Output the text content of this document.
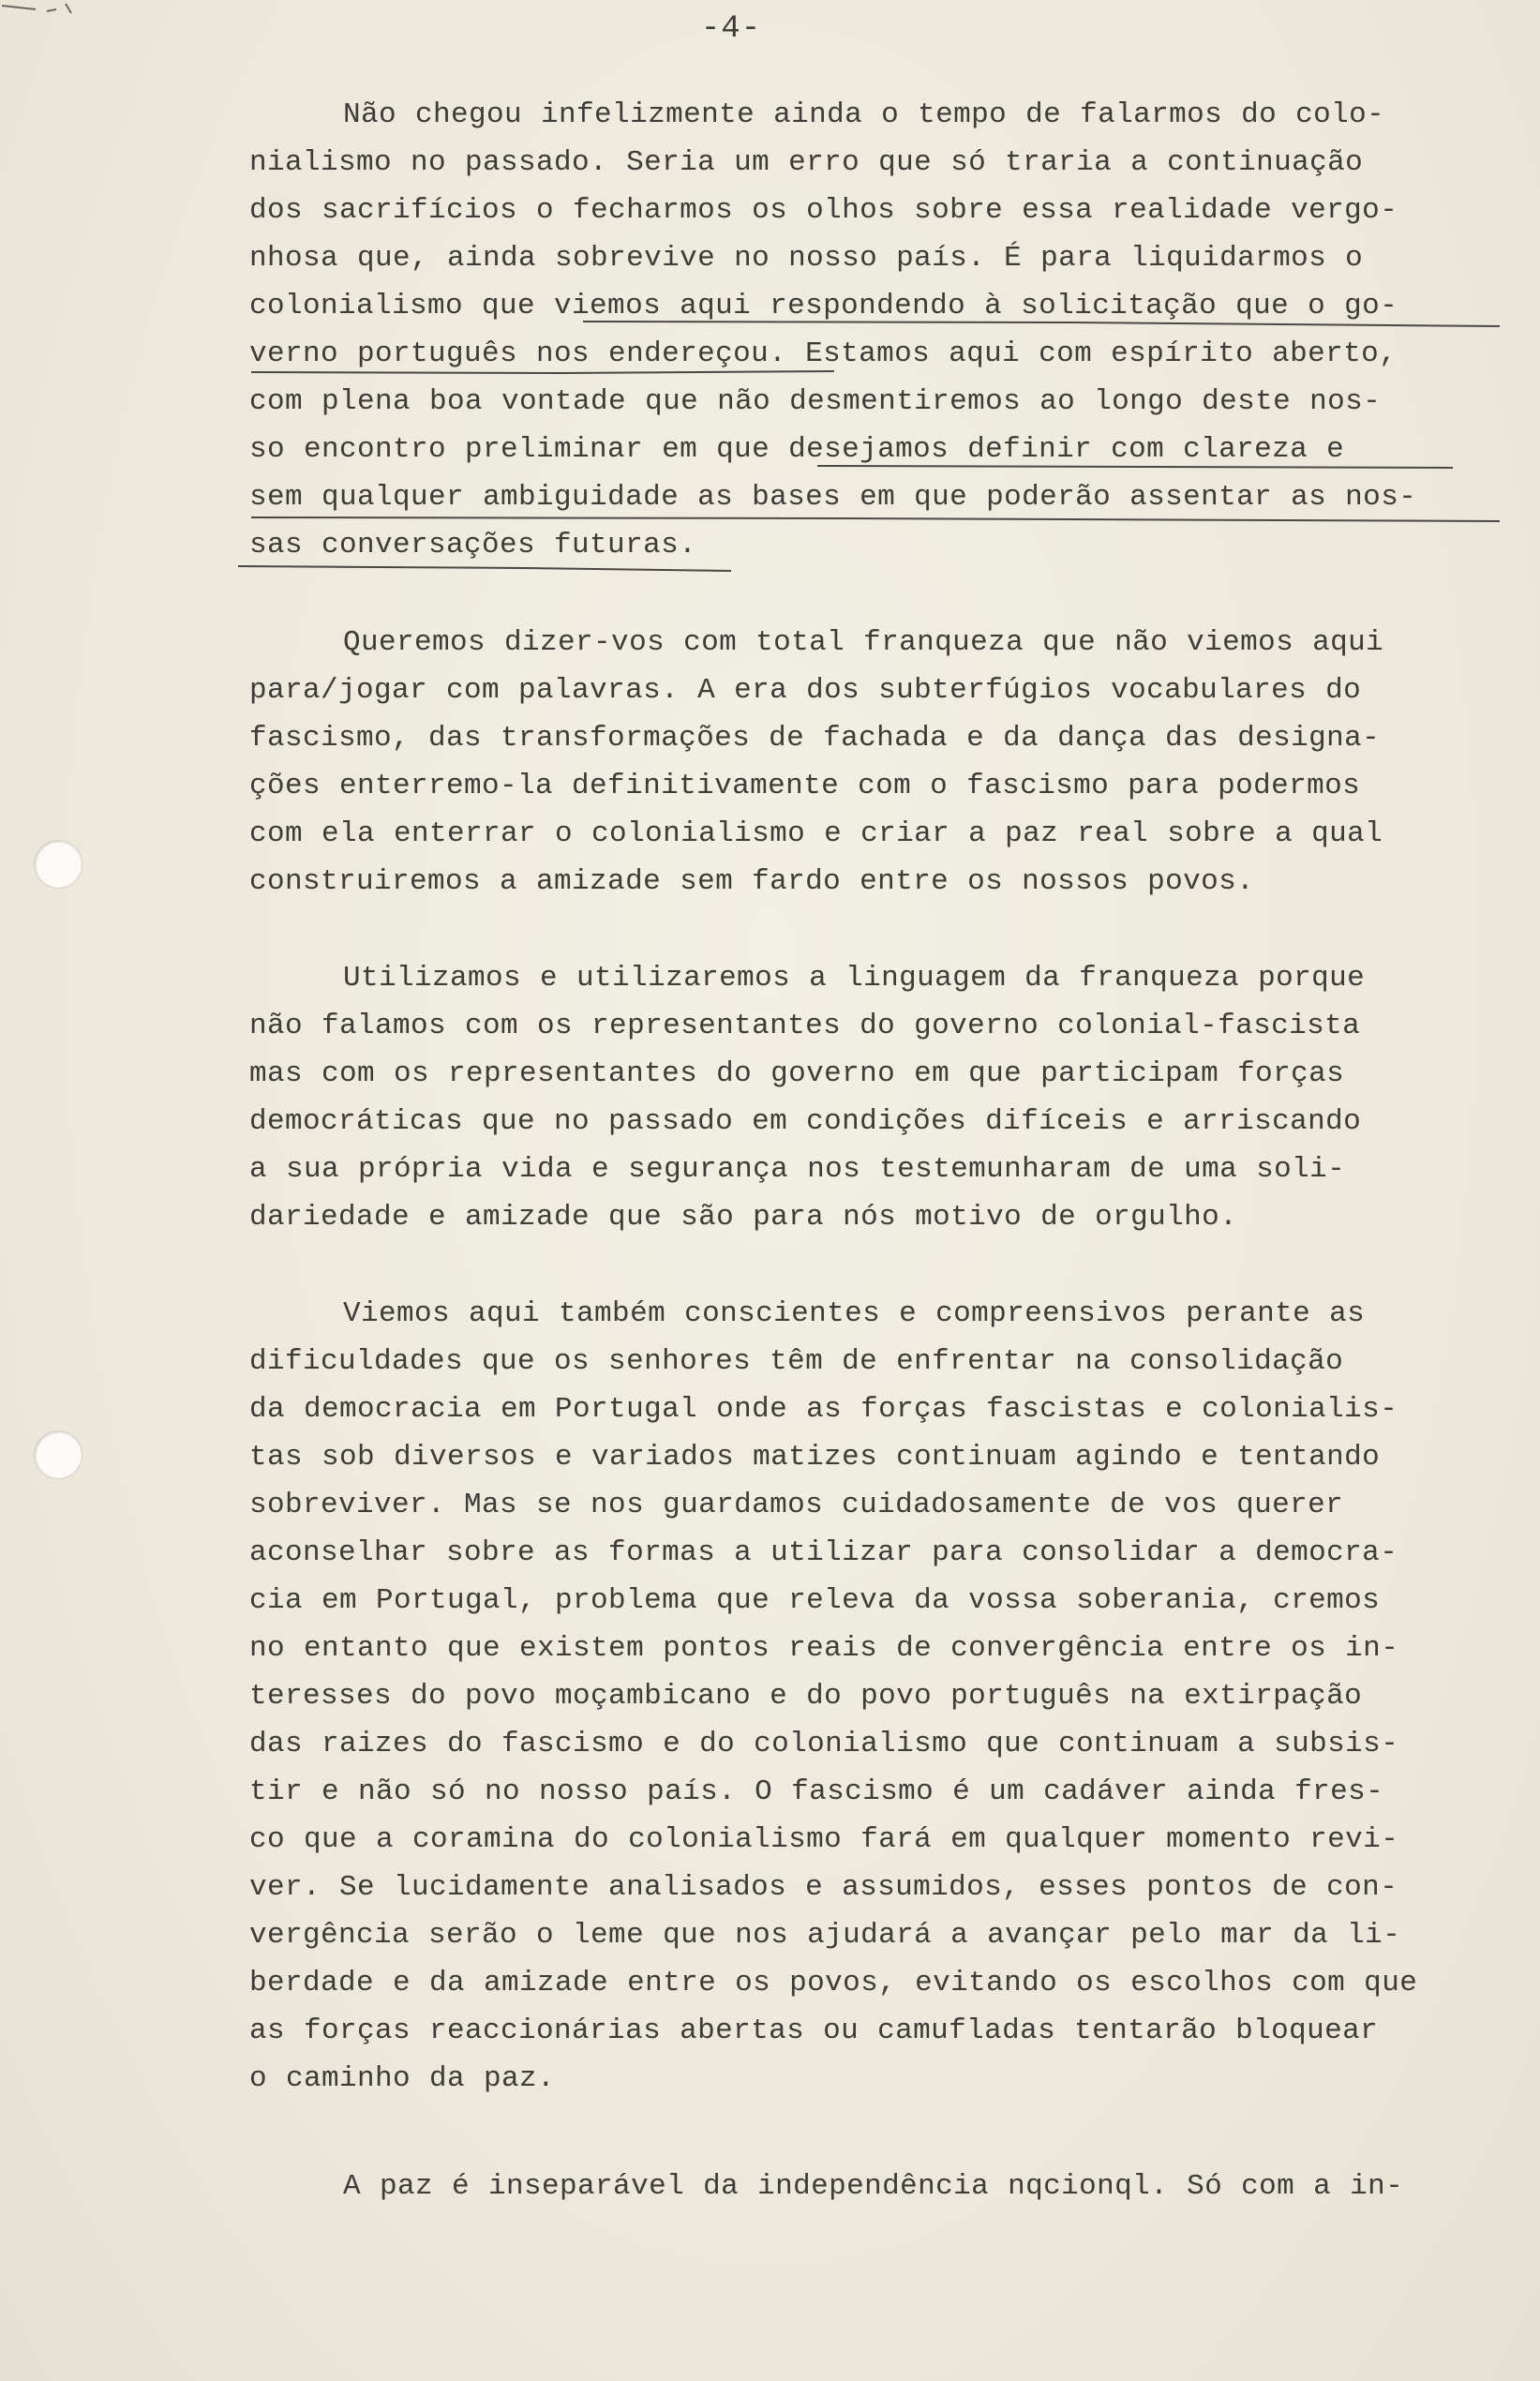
-4-
Não chegou infelizmente ainda o tempo de falarmos do colo-
nialismo no passado. Seria um erro que só traria a continuação
dos sacrifícios o fecharmos os olhos sobre essa realidade vergo-
nhosa que, ainda sobrevive no nosso país. É para liquidarmos o
colonialismo que viemos aqui respondendo à solicitação que o go-
verno português nos endereçou. Estamos aqui com espírito aberto,
com plena boa vontade que não desmentiremos ao longo deste nos-
so encontro preliminar em que desejamos definir com clareza e
sem qualquer ambiguidade as bases em que poderão assentar as nos-
sas conversações futuras.
Queremos dizer-vos com total franqueza que não viemos aqui
para/jogar com palavras. A era dos subterfúgios vocabulares do
fascismo, das transformações de fachada e da dança das designa-
ções enterremo-la definitivamente com o fascismo para podermos
com ela enterrar o colonialismo e criar a paz real sobre a qual
construiremos a amizade sem fardo entre os nossos povos.
Utilizamos e utilizaremos a linguagem da franqueza porque
não falamos com os representantes do governo colonial-fascista
mas com os representantes do governo em que participam forças
democráticas que no passado em condições difíceis e arriscando
a sua própria vida e segurança nos testemunharam de uma soli-
dariedade e amizade que são para nós motivo de orgulho.
Viemos aqui também conscientes e compreensivos perante as
dificuldades que os senhores têm de enfrentar na consolidação
da democracia em Portugal onde as forças fascistas e colonialis-
tas sob diversos e variados matizes continuam agindo e tentando
sobreviver. Mas se nos guardamos cuidadosamente de vos querer
aconselhar sobre as formas a utilizar para consolidar a democra-
cia em Portugal, problema que releva da vossa soberania, cremos
no entanto que existem pontos reais de convergência entre os in-
teresses do povo moçambicano e do povo português na extirpação
das raizes do fascismo e do colonialismo que continuam a subsis-
tir e não só no nosso país. O fascismo é um cadáver ainda fres-
co que a coramina do colonialismo fará em qualquer momento revi-
ver. Se lucidamente analisados e assumidos, esses pontos de con-
vergência serão o leme que nos ajudará a avançar pelo mar da li-
berdade e da amizade entre os povos, evitando os escolhos com que
as forças reaccionárias abertas ou camufladas tentarão bloquear
o caminho da paz.
A paz é inseparável da independência nqcionql. Só com a in-
